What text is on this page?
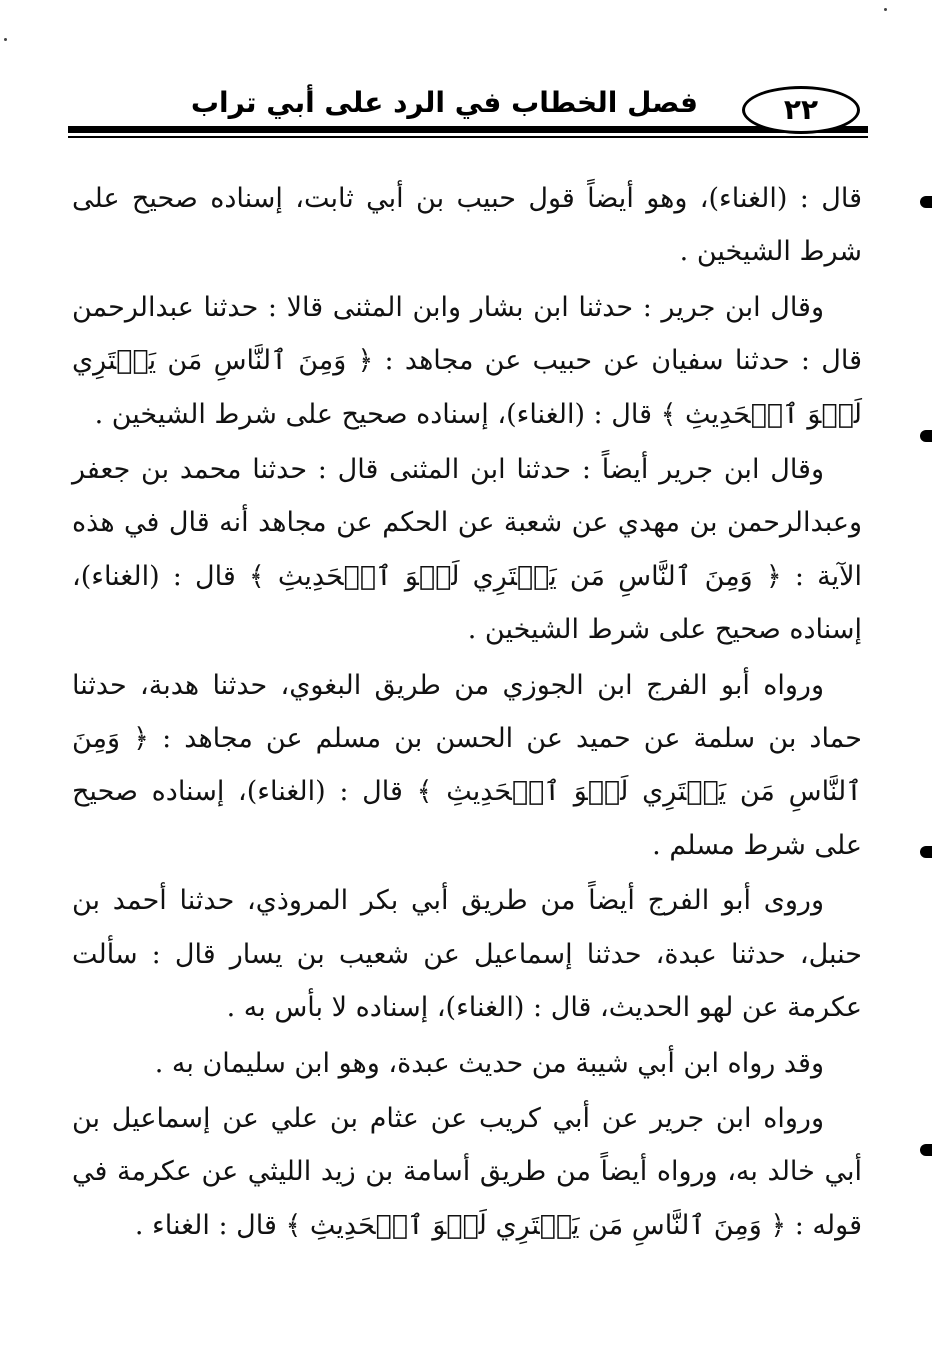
فصل الخطاب في الرد على أبي تراب	٢٢

قال : (الغناء)، وهو أيضاً قول حبيب بن أبي ثابت، إسناده صحيح على شرط الشيخين .

وقال ابن جرير : حدثنا ابن بشار وابن المثنى قالا : حدثنا عبدالرحمن قال : حدثنا سفيان عن حبيب عن مجاهد : ﴿ وَمِنَ ٱلنَّاسِ مَن يَشۡتَرِي لَهۡوَ ٱلۡحَدِيثِ ﴾ قال : (الغناء)، إسناده صحيح على شرط الشيخين .

وقال ابن جرير أيضاً : حدثنا ابن المثنى قال : حدثنا محمد بن جعفر وعبدالرحمن بن مهدي عن شعبة عن الحكم عن مجاهد أنه قال في هذه الآية : ﴿ وَمِنَ ٱلنَّاسِ مَن يَشۡتَرِي لَهۡوَ ٱلۡحَدِيثِ ﴾ قال : (الغناء)، إسناده صحيح على شرط الشيخين .

ورواه أبو الفرج ابن الجوزي من طريق البغوي، حدثنا هدبة، حدثنا حماد بن سلمة عن حميد عن الحسن بن مسلم عن مجاهد : ﴿ وَمِنَ ٱلنَّاسِ مَن يَشۡتَرِي لَهۡوَ ٱلۡحَدِيثِ ﴾ قال : (الغناء)، إسناده صحيح على شرط مسلم .

وروى أبو الفرج أيضاً من طريق أبي بكر المروذي، حدثنا أحمد بن حنبل، حدثنا عبدة، حدثنا إسماعيل عن شعيب بن يسار قال : سألت عكرمة عن لهو الحديث، قال : (الغناء)، إسناده لا بأس به .

وقد رواه ابن أبي شيبة من حديث عبدة، وهو ابن سليمان به .

ورواه ابن جرير عن أبي كريب عن عثام بن علي عن إسماعيل بن أبي خالد به، ورواه أيضاً من طريق أسامة بن زيد الليثي عن عكرمة في قوله : ﴿ وَمِنَ ٱلنَّاسِ مَن يَشۡتَرِي لَهۡوَ ٱلۡحَدِيثِ ﴾ قال : الغناء .
